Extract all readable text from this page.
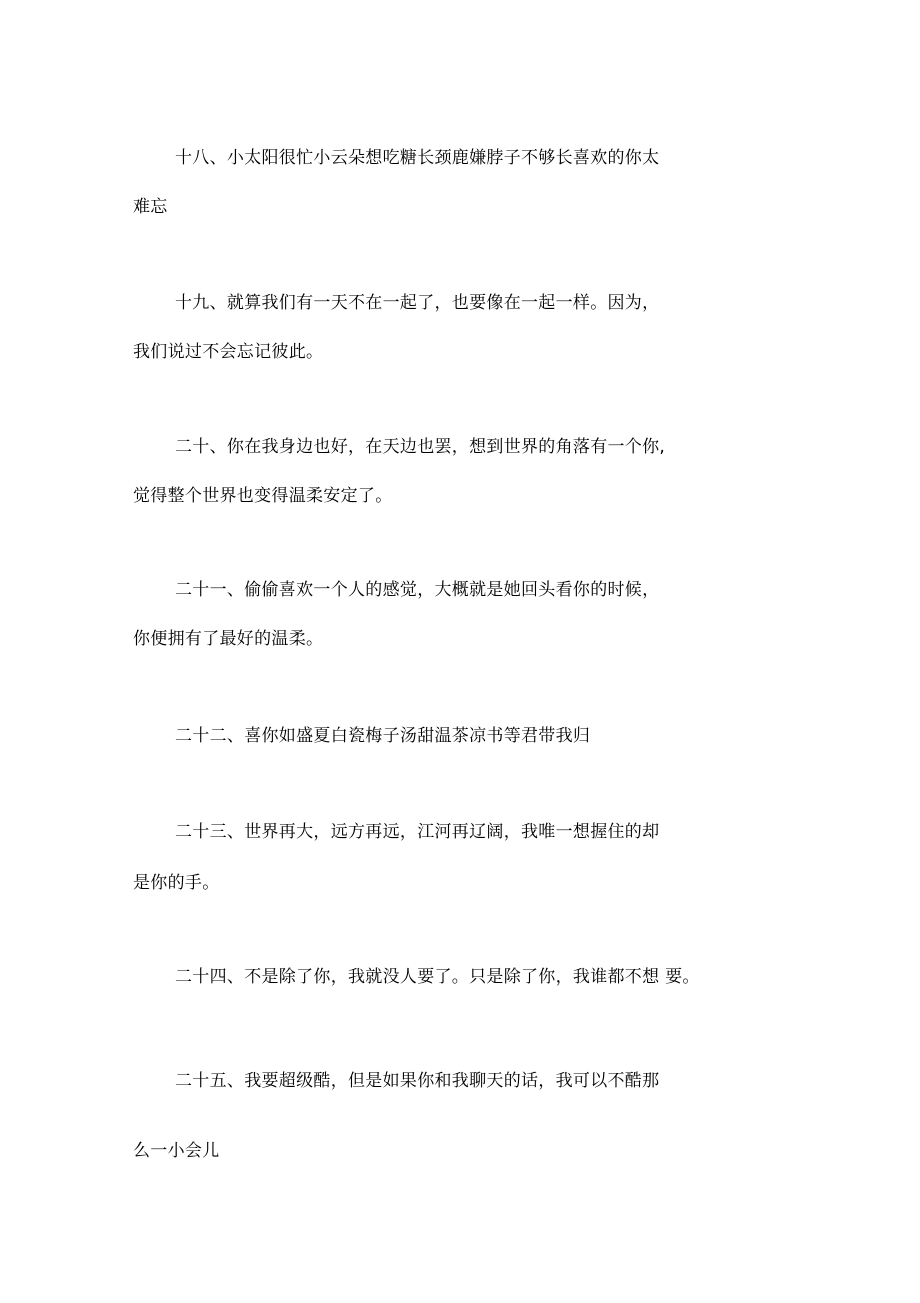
十八、小太阳很忙小云朵想吃糖长颈鹿嫌脖子不够长喜欢的你太
难忘
十九、就算我们有一天不在一起了，也要像在一起一样。因为，
我们说过不会忘记彼此。
二十、你在我身边也好，在天边也罢，想到世界的角落有一个你,
觉得整个世界也变得温柔安定了。
二十一、偷偷喜欢一个人的感觉，大概就是她回头看你的时候，
你便拥有了最好的温柔。
二十二、喜你如盛夏白瓷梅子汤甜温茶凉书等君带我归
二十三、世界再大，远方再远，江河再辽阔，我唯一想握住的却
是你的手。
二十四、不是除了你，我就没人要了。只是除了你，我谁都不想 要。
二十五、我要超级酷，但是如果你和我聊天的话，我可以不酷那
么一小会儿
